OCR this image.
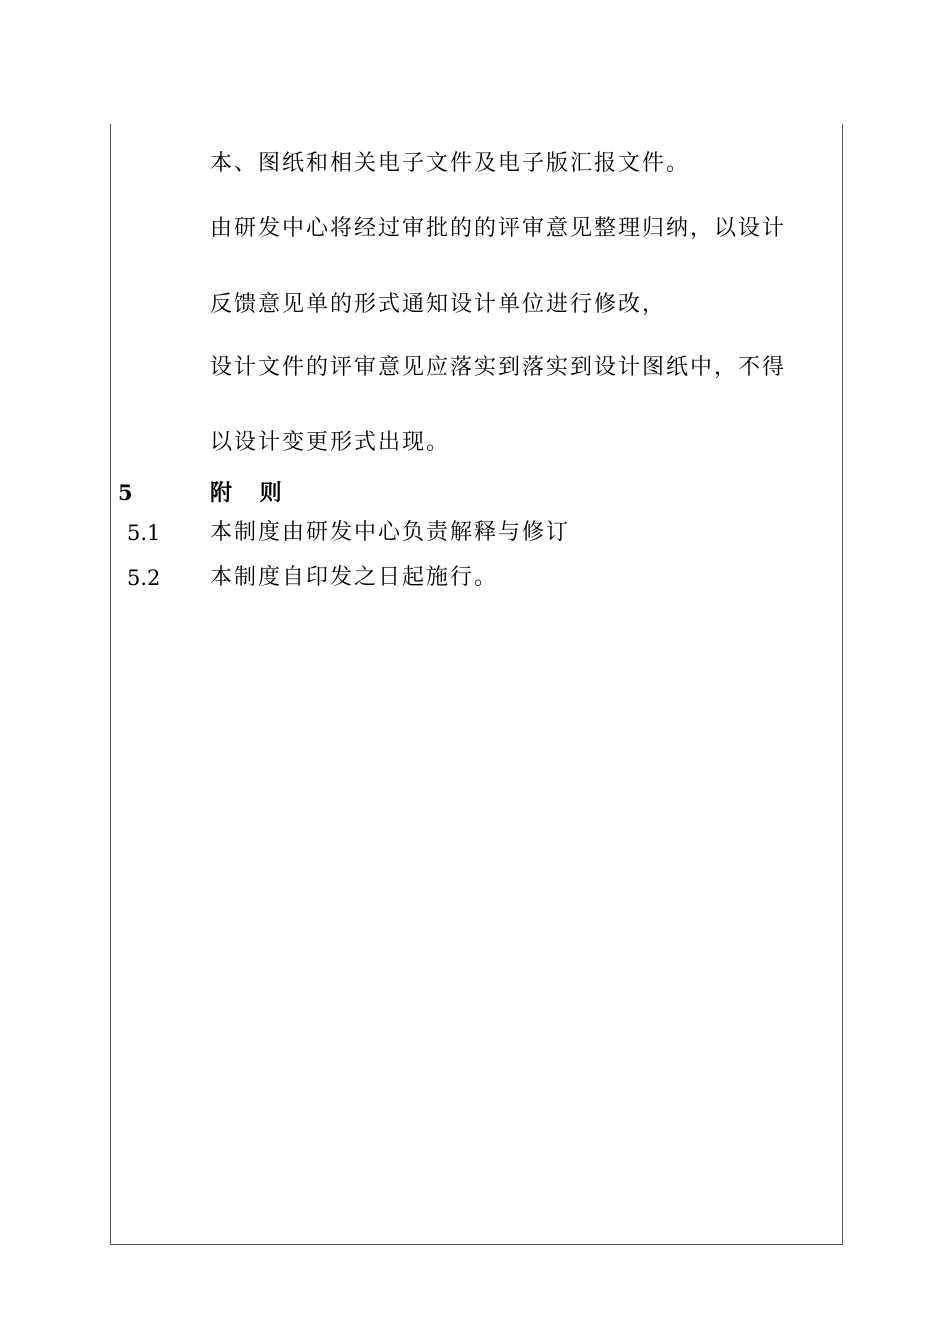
本、图纸和相关电子文件及电子版汇报文件。
由研发中心将经过审批的的评审意见整理归纳，以设计
反馈意见单的形式通知设计单位进行修改，
设计文件的评审意见应落实到落实到设计图纸中，不得
以设计变更形式出现。
5	附 则
5.1 本制度由研发中心负责解释与修订
5.2 本制度自印发之日起施行。
